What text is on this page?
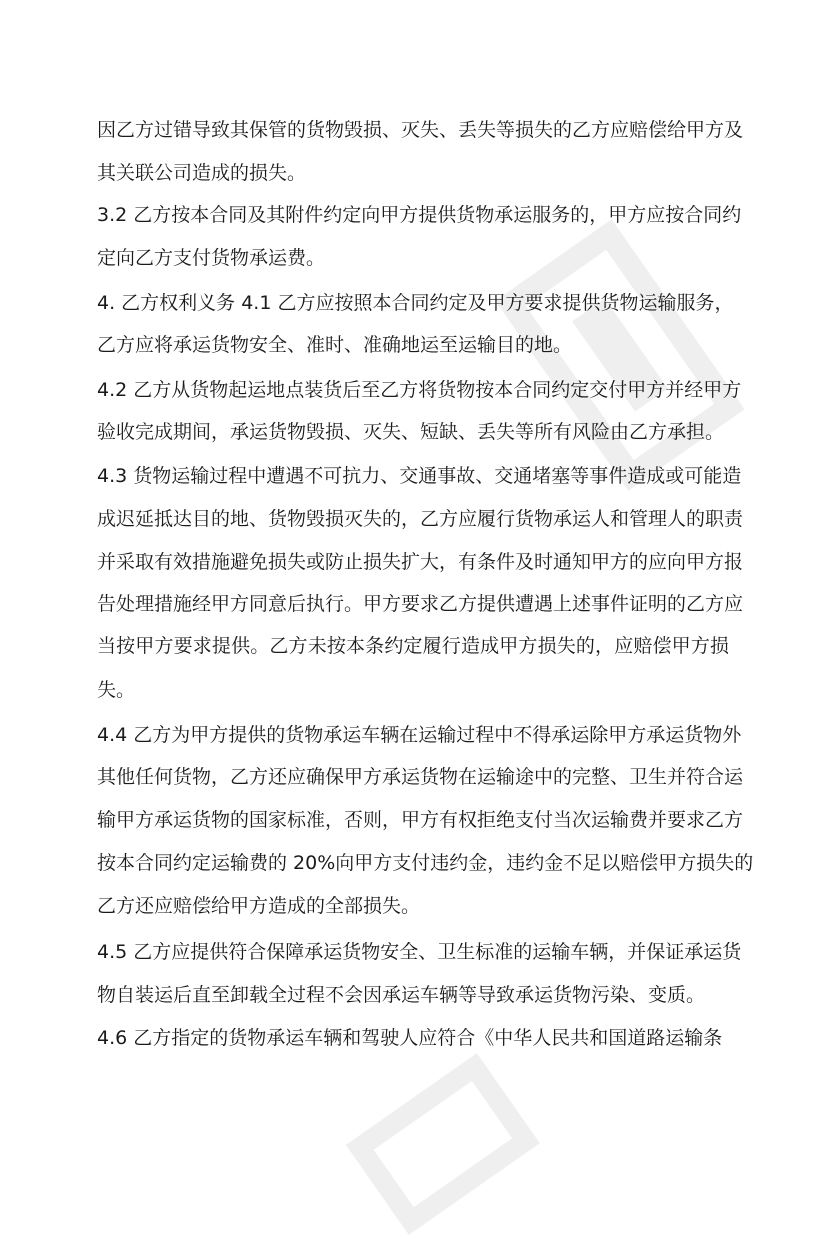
因乙方过错导致其保管的货物毁损、灭失、丢失等损失的乙方应赔偿给甲方及
其关联公司造成的损失。
3.2 乙方按本合同及其附件约定向甲方提供货物承运服务的，甲方应按合同约
定向乙方支付货物承运费。
4. 乙方权利义务 4.1 乙方应按照本合同约定及甲方要求提供货物运输服务，
乙方应将承运货物安全、准时、准确地运至运输目的地。
4.2 乙方从货物起运地点装货后至乙方将货物按本合同约定交付甲方并经甲方
验收完成期间，承运货物毁损、灭失、短缺、丢失等所有风险由乙方承担。
4.3 货物运输过程中遭遇不可抗力、交通事故、交通堵塞等事件造成或可能造
成迟延抵达目的地、货物毁损灭失的，乙方应履行货物承运人和管理人的职责
并采取有效措施避免损失或防止损失扩大，有条件及时通知甲方的应向甲方报
告处理措施经甲方同意后执行。甲方要求乙方提供遭遇上述事件证明的乙方应
当按甲方要求提供。乙方未按本条约定履行造成甲方损失的，应赔偿甲方损
失。
4.4 乙方为甲方提供的货物承运车辆在运输过程中不得承运除甲方承运货物外
其他任何货物，乙方还应确保甲方承运货物在运输途中的完整、卫生并符合运
输甲方承运货物的国家标准，否则，甲方有权拒绝支付当次运输费并要求乙方
按本合同约定运输费的 20%向甲方支付违约金，违约金不足以赔偿甲方损失的
乙方还应赔偿给甲方造成的全部损失。
4.5 乙方应提供符合保障承运货物安全、卫生标准的运输车辆，并保证承运货
物自装运后直至卸载全过程不会因承运车辆等导致承运货物污染、变质。
4.6 乙方指定的货物承运车辆和驾驶人应符合《中华人民共和国道路运输条
